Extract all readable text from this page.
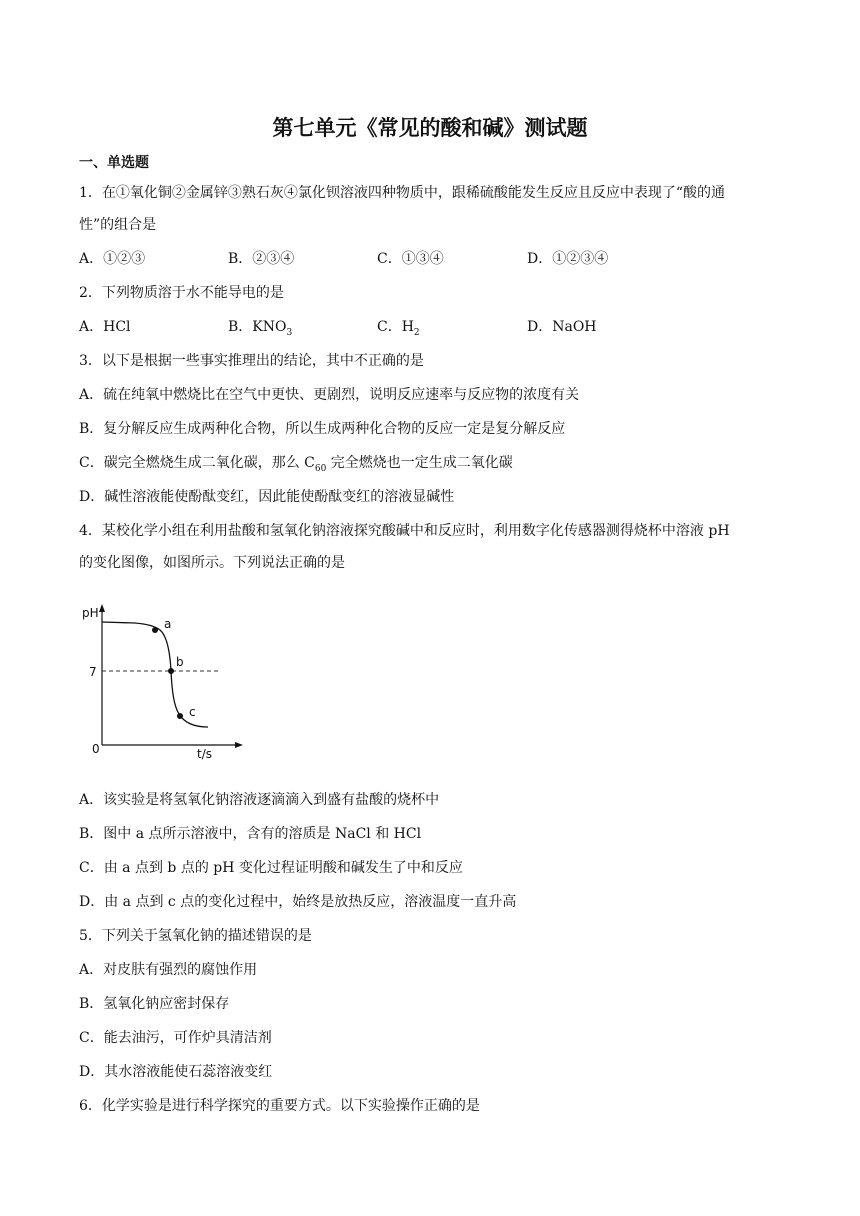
第七单元《常见的酸和碱》测试题
一、单选题
1．在①氧化铜②金属锌③熟石灰④氯化钡溶液四种物质中，跟稀硫酸能发生反应且反应中表现了“酸的通
性”的组合是
A．①②③	B．②③④	C．①③④	D．①②③④
2．下列物质溶于水不能导电的是
A．HCl	B．$KNO_3$	C．$H_2$	D．NaOH
3．以下是根据一些事实推理出的结论，其中不正确的是
A．硫在纯氧中燃烧比在空气中更快、更剧烈，说明反应速率与反应物的浓度有关
B．复分解反应生成两种化合物，所以生成两种化合物的反应一定是复分解反应
C．碳完全燃烧生成二氧化碳，那么 $C_{60}$ 完全燃烧也一定生成二氧化碳
D．碱性溶液能使酚酞变红，因此能使酚酞变红的溶液显碱性
4．某校化学小组在利用盐酸和氢氧化钠溶液探究酸碱中和反应时，利用数字化传感器测得烧杯中溶液 pH
的变化图像，如图所示。下列说法正确的是
pH
t/s
0
7
a
b
c
A．该实验是将氢氧化钠溶液逐滴滴入到盛有盐酸的烧杯中
B．图中 a 点所示溶液中，含有的溶质是 NaCl 和 HCl
C．由 a 点到 b 点的 pH 变化过程证明酸和碱发生了中和反应
D．由 a 点到 c 点的变化过程中，始终是放热反应，溶液温度一直升高
5．下列关于氢氧化钠的描述错误的是
A．对皮肤有强烈的腐蚀作用
B．氢氧化钠应密封保存
C．能去油污，可作炉具清洁剂
D．其水溶液能使石蕊溶液变红
6．化学实验是进行科学探究的重要方式。以下实验操作正确的是
